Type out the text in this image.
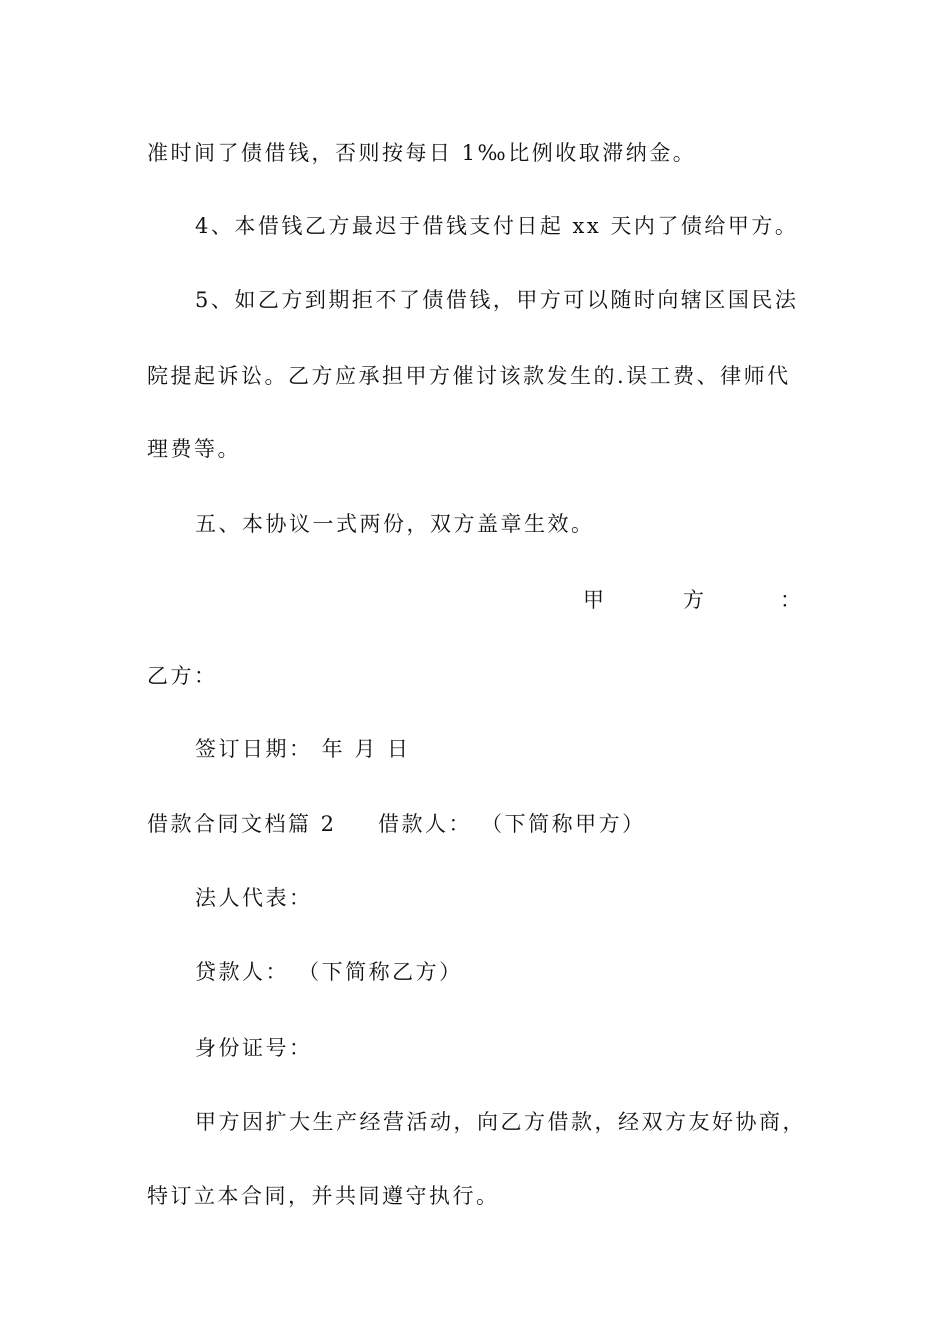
准时间了债借钱，否则按每日 1‰比例收取滞纳金。
4、本借钱乙方最迟于借钱支付日起 xx 天内了债给甲方。
5、如乙方到期拒不了债借钱，甲方可以随时向辖区国民法
院提起诉讼。乙方应承担甲方催讨该款发生的.误工费、律师代
理费等。
五、本协议一式两份，双方盖章生效。
甲	方	：
乙方：
签订日期： 年 月 日
借款合同文档篇 2 借款人： （下简称甲方）
法人代表：
贷款人： （下简称乙方）
身份证号：
甲方因扩大生产经营活动，向乙方借款，经双方友好协商，
特订立本合同，并共同遵守执行。
